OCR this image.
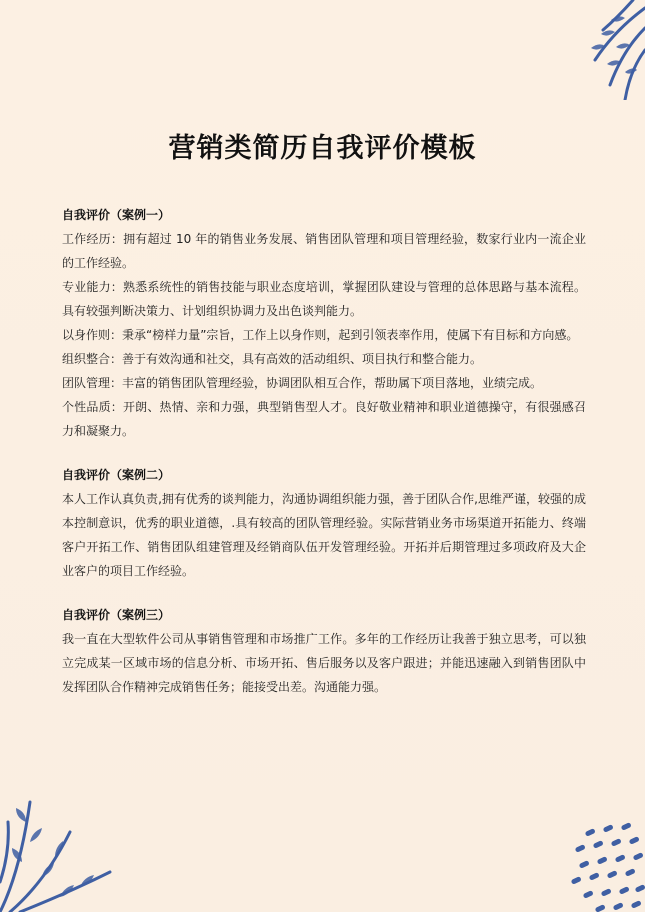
营销类简历自我评价模板
自我评价（案例一）

工作经历：拥有超过 10 年的销售业务发展、销售团队管理和项目管理经验，数家行业内一流企业的工作经验。

专业能力：熟悉系统性的销售技能与职业态度培训，掌握团队建设与管理的总体思路与基本流程。具有较强判断决策力、计划组织协调力及出色谈判能力。

以身作则：秉承“榜样力量”宗旨，工作上以身作则，起到引领表率作用，使属下有目标和方向感。

组织整合：善于有效沟通和社交，具有高效的活动组织、项目执行和整合能力。

团队管理：丰富的销售团队管理经验，协调团队相互合作，帮助属下项目落地，业绩完成。

个性品质：开朗、热情、亲和力强，典型销售型人才。良好敬业精神和职业道德操守，有很强感召力和凝聚力。

自我评价（案例二）

本人工作认真负责,拥有优秀的谈判能力，沟通协调组织能力强，善于团队合作,思维严谨，较强的成本控制意识，优秀的职业道德，.具有较高的团队管理经验。实际营销业务市场渠道开拓能力、终端客户开拓工作、销售团队组建管理及经销商队伍开发管理经验。开拓并后期管理过多项政府及大企业客户的项目工作经验。

自我评价（案例三）

我一直在大型软件公司从事销售管理和市场推广工作。多年的工作经历让我善于独立思考，可以独立完成某一区域市场的信息分析、市场开拓、售后服务以及客户跟进；并能迅速融入到销售团队中发挥团队合作精神完成销售任务；能接受出差。沟通能力强。
